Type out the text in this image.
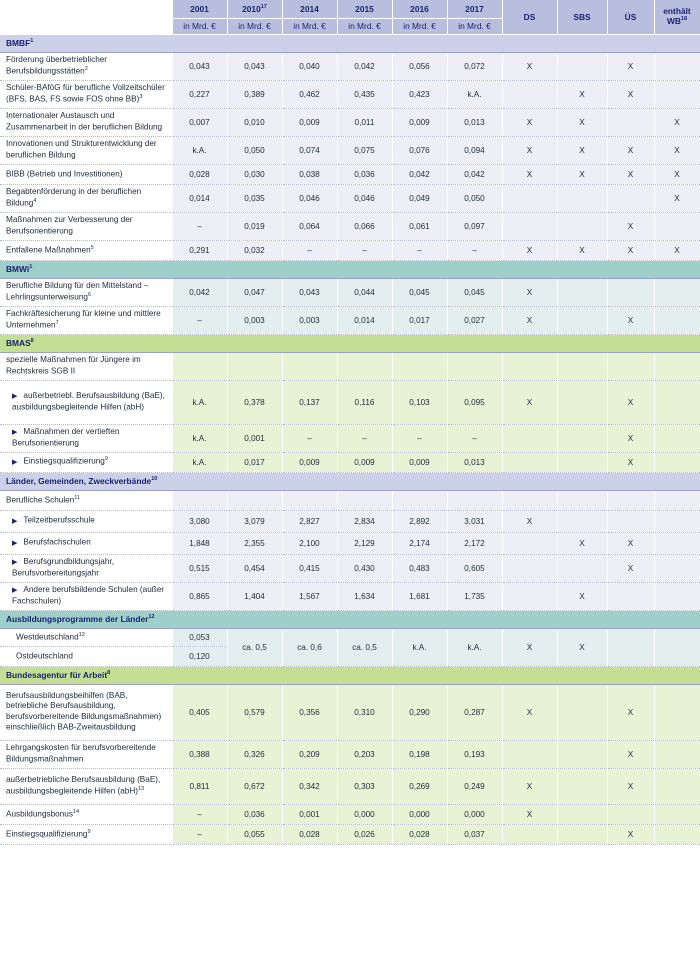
	2001	2010$^{17}$	2014	2015	2016	2017	DS	SBS	ÜS	enthält WB$^{18}$
	in Mrd. €	in Mrd. €	in Mrd. €	in Mrd. €	in Mrd. €	in Mrd. €				
BMBF$^1$
Förderung überbetrieblicher Berufsbildungsstätten$^2$	0,043	0,043	0,040	0,042	0,056	0,072	X		X	
Schüler-BAföG für berufliche Vollzeitschüler (BFS, BAS, FS sowie FOS ohne BB)$^3$	0,227	0,389	0,462	0,435	0,423	k.A.		X	X	
Internationaler Austausch und Zusammenarbeit in der beruflichen Bildung	0,007	0,010	0,009	0,011	0,009	0,013	X	X		X
Innovationen und Strukturentwicklung der beruflichen Bildung	k.A.	0,050	0,074	0,075	0,076	0,094	X	X	X	X
BIBB (Betrieb und Investitionen)	0,028	0,030	0,038	0,036	0,042	0,042	X	X	X	X
Begabtenförderung in der beruflichen Bildung$^4$	0,014	0,035	0,046	0,046	0,049	0,050				X
Maßnahmen zur Verbesserung der Berufsorientierung	–	0,019	0,064	0,066	0,061	0,097			X	
Entfallene Maßnahmen$^5$	0,291	0,032	–	–	–	–	X	X	X	X
BMWi$^1$
Berufliche Bildung für den Mittelstand – Lehrlingsunterweisung$^6$	0,042	0,047	0,043	0,044	0,045	0,045	X			
Fachkräftesicherung für kleine und mittlere Unternehmen$^7$	–	0,003	0,003	0,014	0,017	0,027	X		X	
BMAS$^8$
spezielle Maßnahmen für Jüngere im Rechtskreis SGB II										
▶ außerbetriebl. Berufsausbildung (BaE), ausbildungsbegleitende Hilfen (abH)	k.A.	0,378	0,137	0,116	0,103	0,095	X		X	
▶ Maßnahmen der vertieften Berufsorientierung	k.A.	0,001	–	–	–	–			X	
▶ Einstiegsqualifizierung$^9$	k.A.	0,017	0,009	0,009	0,009	0,013			X	
Länder, Gemeinden, Zweckverbände$^{10}$
Berufliche Schulen$^{11}$										
▶ Teilzeitberufsschule	3,080	3,079	2,827	2,834	2,892	3,031	X			
▶ Berufsfachschulen	1,848	2,355	2,100	2,129	2,174	2,172		X	X	
▶ Berufsgrundbildungsjahr, Berufsvorbereitungsjahr	0,515	0,454	0,415	0,430	0,483	0,605			X	
▶ Andere berufsbildende Schulen (außer Fachschulen)	0,865	1,404	1,567	1,634	1,681	1,735		X		
Ausbildungsprogramme der Länder$^{12}$
Westdeutschland$^{12}$	0,053	ca. 0,5	ca. 0,6	ca. 0,5	k.A.	k.A.	X	X		
Ostdeutschland	0,120									
Bundesagentur für Arbeit$^8$
Berufsausbildungsbeihilfen (BAB, betriebliche Berufsausbildung, berufsvorbereitende Bildungsmaßnahmen) einschließlich BAB-Zweitausbildung	0,405	0,579	0,356	0,310	0,290	0,287	X		X	
Lehrgangskosten für berufsvorbereitende Bildungsmaßnahmen	0,388	0,326	0,209	0,203	0,198	0,193			X	
außerbetriebliche Berufsausbildung (BaE), ausbildungsbegleitende Hilfen (abH)$^{13}$	0,811	0,672	0,342	0,303	0,269	0,249	X		X	
Ausbildungsbonus$^{14}$	–	0,036	0,001	0,000	0,000	0,000	X			
Einstiegsqualifizierung$^9$	–	0,055	0,028	0,026	0,028	0,037			X	
